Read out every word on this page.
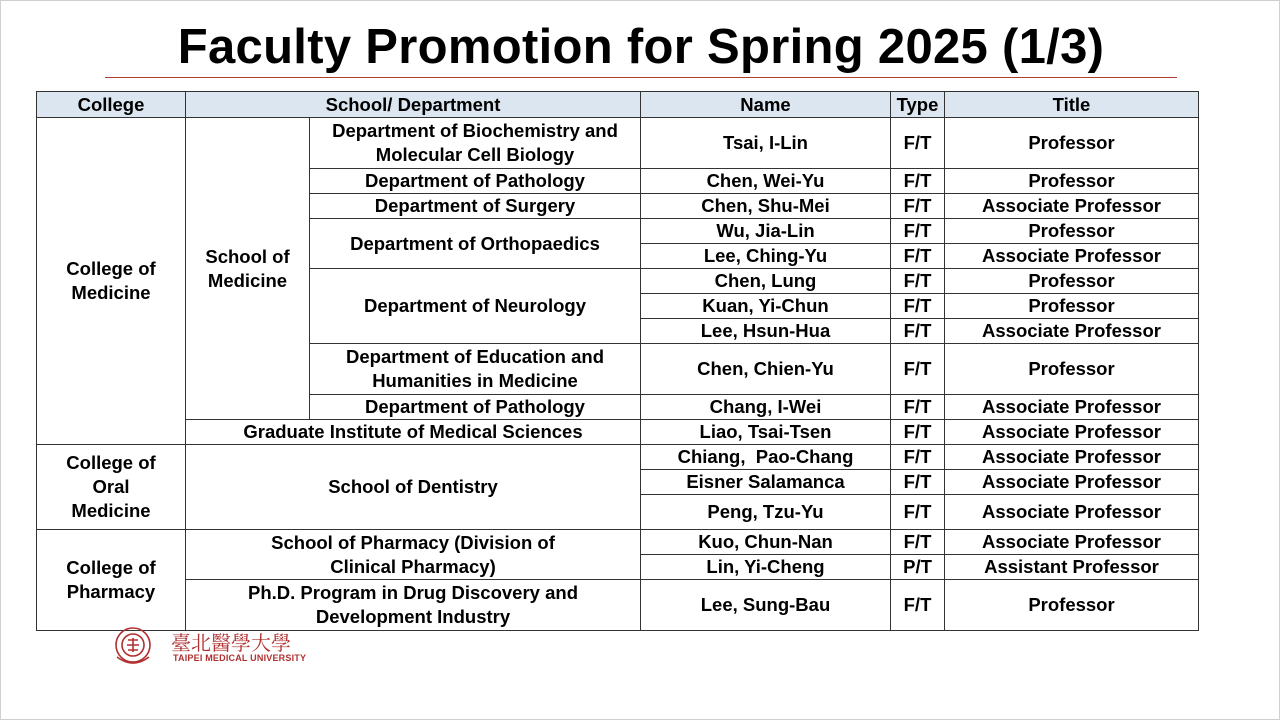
Faculty Promotion for Spring 2025 (1/3)
College	School/ Department		Name	Type	Title
College of Medicine	School of Medicine	Department of Biochemistry and Molecular Cell Biology	Tsai, I-Lin	F/T	Professor
		Department of Pathology	Chen, Wei-Yu	F/T	Professor
		Department of Surgery	Chen, Shu-Mei	F/T	Associate Professor
		Department of Orthopaedics	Wu, Jia-Lin	F/T	Professor
			Lee, Ching-Yu	F/T	Associate Professor
		Department of Neurology	Chen, Lung	F/T	Professor
			Kuan, Yi-Chun	F/T	Professor
			Lee, Hsun-Hua	F/T	Associate Professor
		Department of Education and Humanities in Medicine	Chen, Chien-Yu	F/T	Professor
		Department of Pathology	Chang, I-Wei	F/T	Associate Professor
	Graduate Institute of Medical Sciences		Liao, Tsai-Tsen	F/T	Associate Professor
College of Oral Medicine	School of Dentistry		Chiang,  Pao-Chang	F/T	Associate Professor
			Eisner Salamanca	F/T	Associate Professor
			Peng, Tzu-Yu	F/T	Associate Professor
College of Pharmacy	School of Pharmacy (Division of Clinical Pharmacy)		Kuo, Chun-Nan	F/T	Associate Professor
			Lin, Yi-Cheng	P/T	Assistant Professor
	Ph.D. Program in Drug Discovery and Development Industry		Lee, Sung-Bau	F/T	Professor
臺北醫學大學
TAIPEI MEDICAL UNIVERSITY
